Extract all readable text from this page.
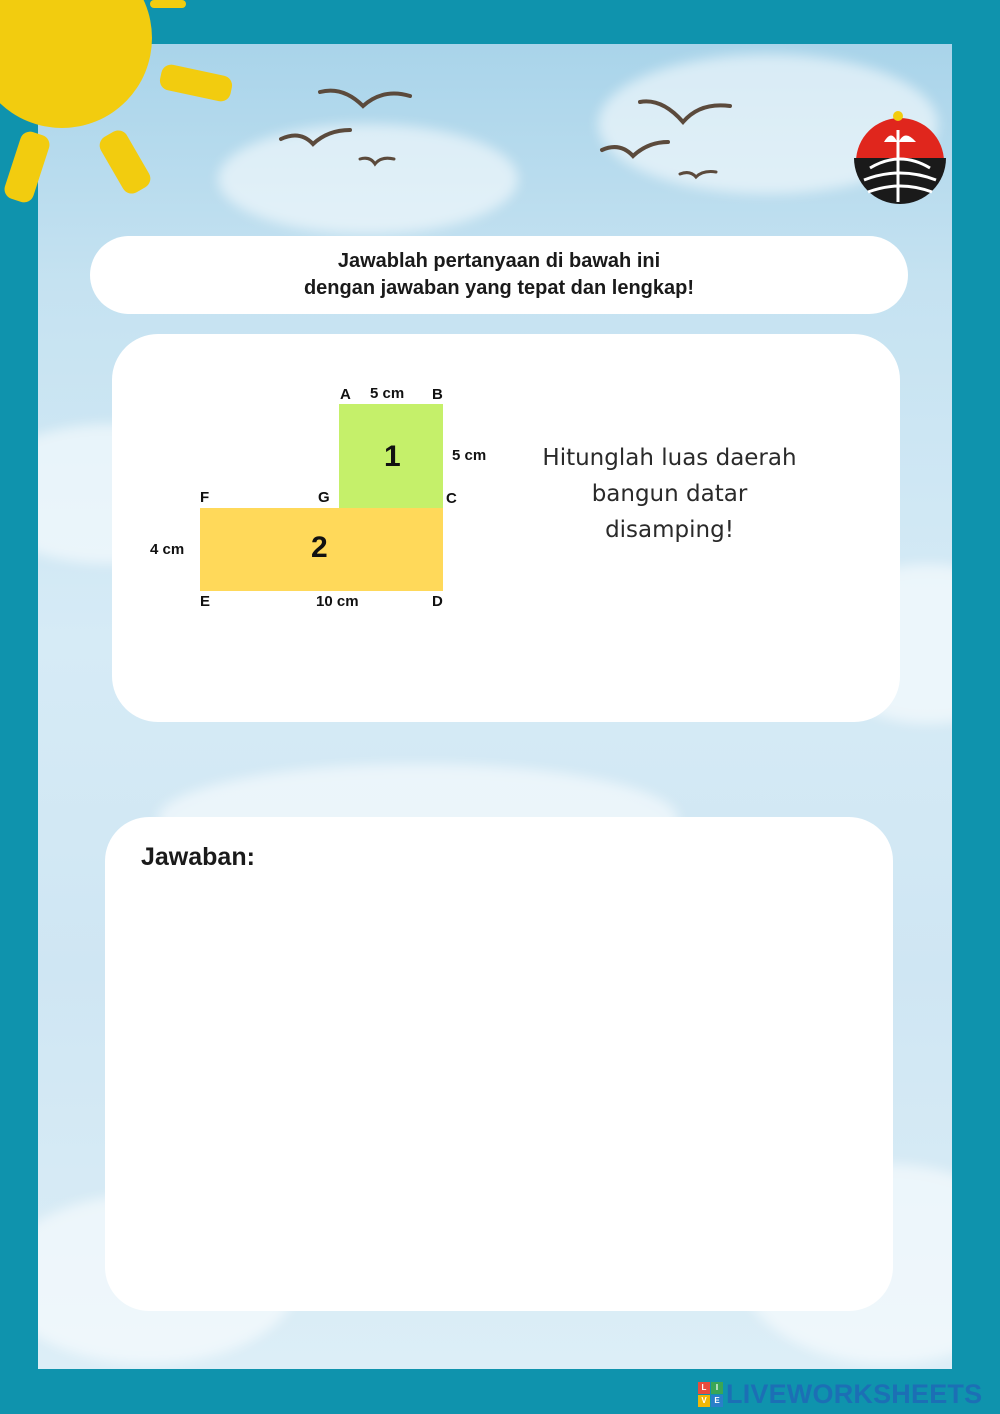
Jawablah pertanyaan di bawah ini
dengan jawaban yang tepat dan lengkap!
1
2
A	B
C
D
E
F	G
5 cm
5 cm
4 cm
10 cm
Hitunglah luas daerah
bangun datar
disamping!
Jawaban:
L	I
V E LIVEWORKSHEETS
